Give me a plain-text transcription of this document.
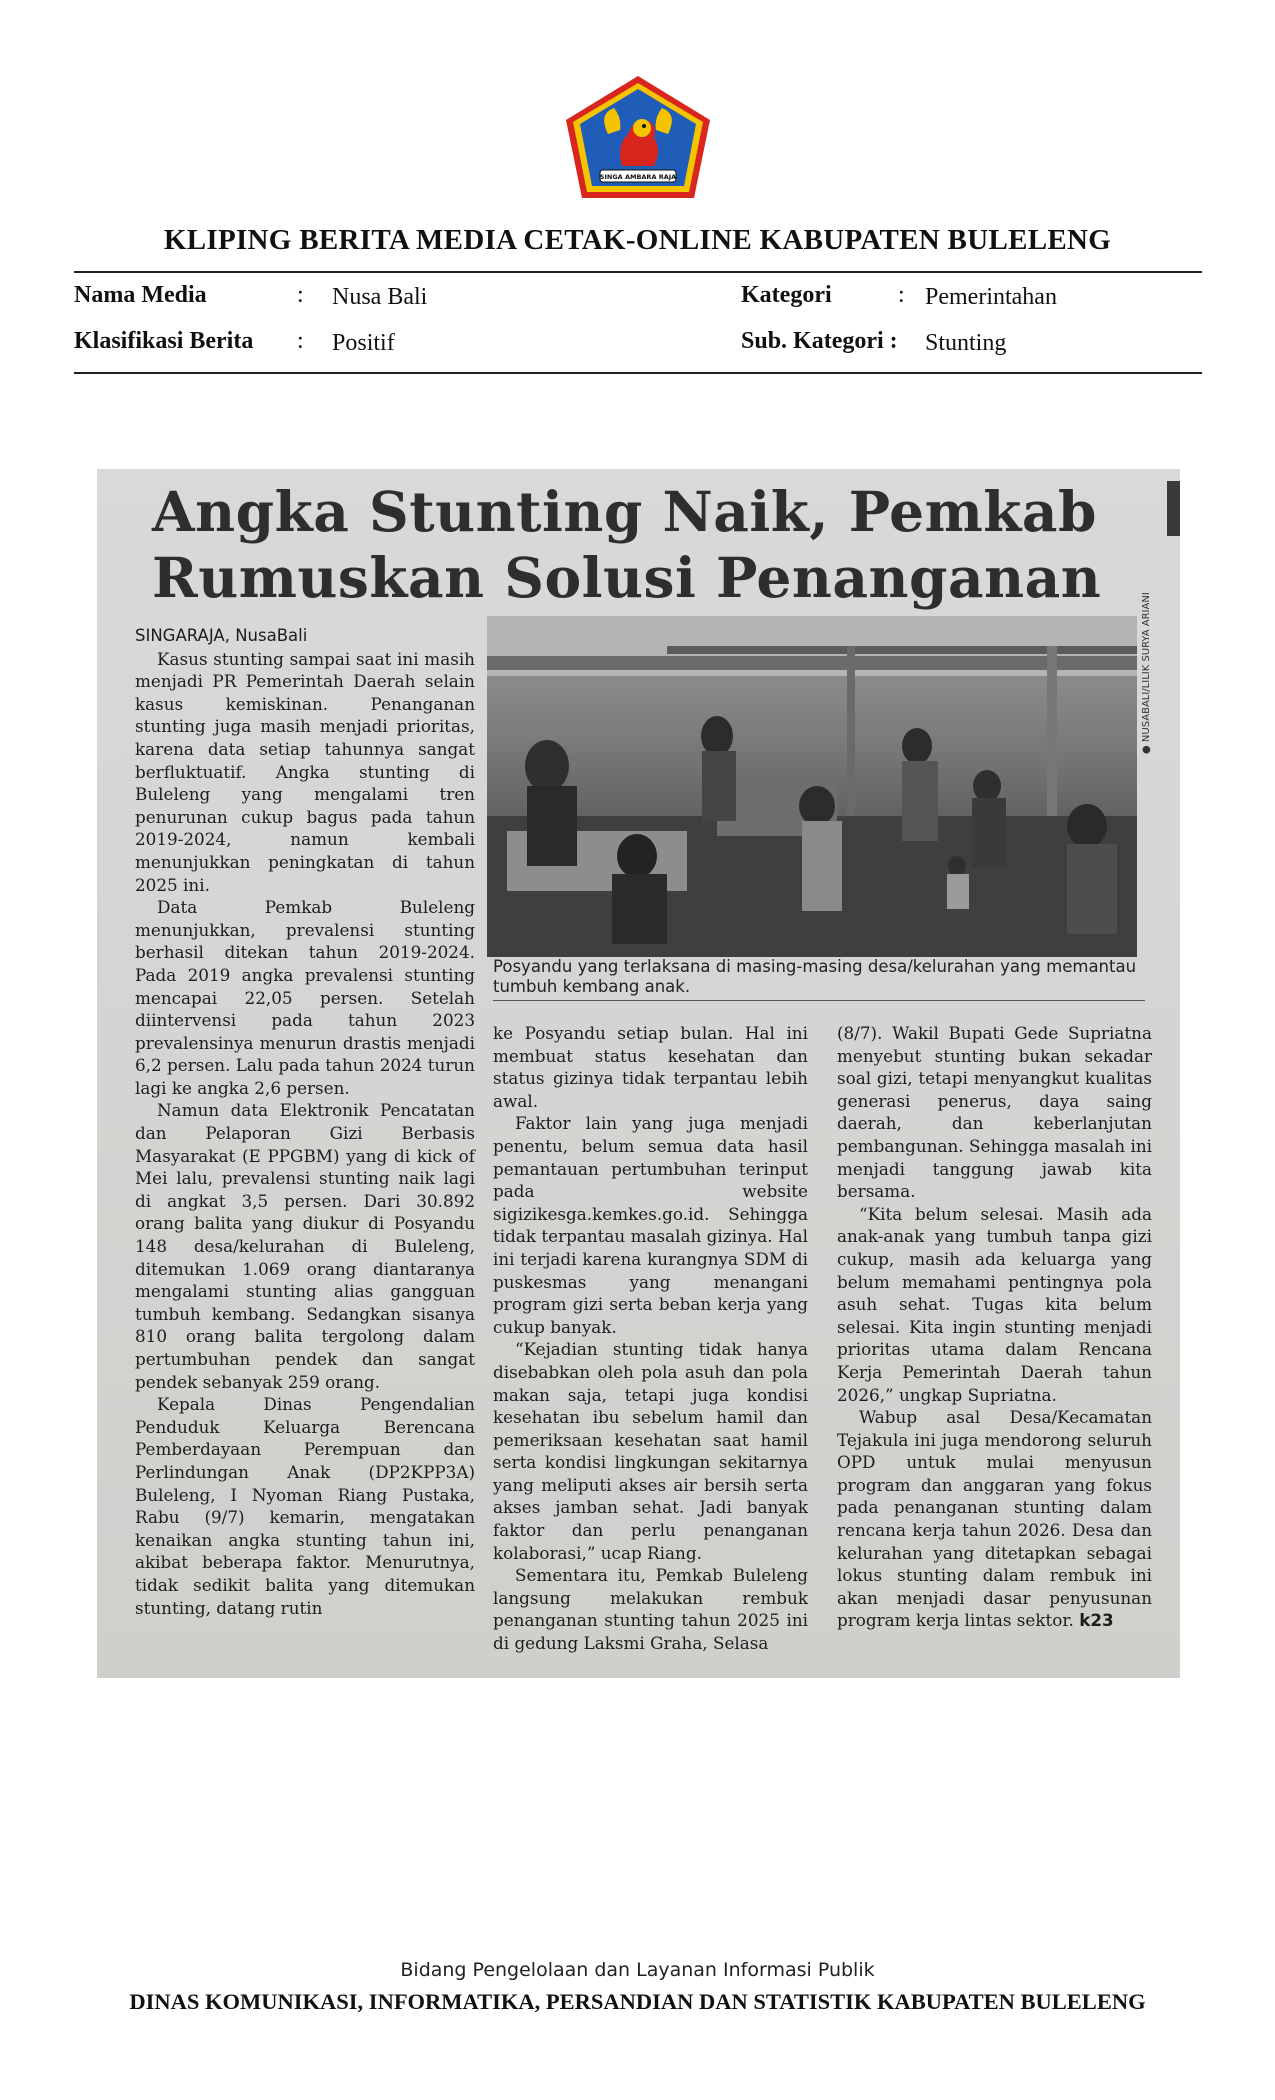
SINGA AMBARA RAJA
KLIPING BERITA MEDIA CETAK-ONLINE KABUPATEN BULELENG
Nama Media	: Nusa Bali	Kategori	: Pemerintahan
Klasifikasi Berita : Positif	Sub. Kategori : Stunting
Angka Stunting Naik, Pemkab
Rumuskan Solusi Penanganan
● NUSABALI/LILIK SURYA ARIANI
Posyandu yang terlaksana di masing-masing desa/kelurahan yang memantau tumbuh kembang anak.
SINGARAJA, NusaBali

Kasus stunting sampai saat ini masih menjadi PR Pemerintah Daerah selain kasus kemiskinan. Penanganan stunting juga masih menjadi prioritas, karena data setiap tahunnya sangat berfluktuatif. Angka stunting di Buleleng yang mengalami tren penurunan cukup bagus pada tahun 2019-2024, namun kembali menunjukkan peningkatan di tahun 2025 ini.

Data Pemkab Buleleng menunjukkan, prevalensi stunting berhasil ditekan tahun 2019-2024. Pada 2019 angka prevalensi stunting mencapai 22,05 persen. Setelah diintervensi pada tahun 2023 prevalensinya menurun drastis menjadi 6,2 persen. Lalu pada tahun 2024 turun lagi ke angka 2,6 persen.

Namun data Elektronik Pencatatan dan Pelaporan Gizi Berbasis Masyarakat (E PPGBM) yang di kick of Mei lalu, prevalensi stunting naik lagi di angkat 3,5 persen. Dari 30.892 orang balita yang diukur di Posyandu 148 desa/kelurahan di Buleleng, ditemukan 1.069 orang diantaranya mengalami stunting alias gangguan tumbuh kembang. Sedangkan sisanya 810 orang balita tergolong dalam pertumbuhan pendek dan sangat pendek sebanyak 259 orang.

Kepala Dinas Pengendalian Penduduk Keluarga Berencana Pemberdayaan Perempuan dan Perlindungan Anak (DP2KPP3A) Buleleng, I Nyoman Riang Pustaka, Rabu (9/7) kemarin, mengatakan kenaikan angka stunting tahun ini, akibat beberapa faktor. Menurutnya, tidak sedikit balita yang ditemukan stunting, datang rutin

ke Posyandu setiap bulan. Hal ini membuat status kesehatan dan status gizinya tidak terpantau lebih awal.

Faktor lain yang juga menjadi penentu, belum semua data hasil pemantauan pertumbuhan terinput pada website sigizikesga.kemkes.go.id. Sehingga tidak terpantau masalah gizinya. Hal ini terjadi karena kurangnya SDM di puskesmas yang menangani program gizi serta beban kerja yang cukup banyak.

“Kejadian stunting tidak hanya disebabkan oleh pola asuh dan pola makan saja, tetapi juga kondisi kesehatan ibu sebelum hamil dan pemeriksaan kesehatan saat hamil serta kondisi lingkungan sekitarnya yang meliputi akses air bersih serta akses jamban sehat. Jadi banyak faktor dan perlu penanganan kolaborasi,” ucap Riang.

Sementara itu, Pemkab Buleleng langsung melakukan rembuk penanganan stunting tahun 2025 ini di gedung Laksmi Graha, Selasa

(8/7). Wakil Bupati Gede Supriatna menyebut stunting bukan sekadar soal gizi, tetapi menyangkut kualitas generasi penerus, daya saing daerah, dan keberlanjutan pembangunan. Sehingga masalah ini menjadi tanggung jawab kita bersama.

“Kita belum selesai. Masih ada anak-anak yang tumbuh tanpa gizi cukup, masih ada keluarga yang belum memahami pentingnya pola asuh sehat. Tugas kita belum selesai. Kita ingin stunting menjadi prioritas utama dalam Rencana Kerja Pemerintah Daerah tahun 2026,” ungkap Supriatna.

Wabup asal Desa/Kecamatan Tejakula ini juga mendorong seluruh OPD untuk mulai menyusun program dan anggaran yang fokus pada penanganan stunting dalam rencana kerja tahun 2026. Desa dan kelurahan yang ditetapkan sebagai lokus stunting dalam rembuk ini akan menjadi dasar penyusunan program kerja lintas sektor. k23

Bidang Pengelolaan dan Layanan Informasi Publik
DINAS KOMUNIKASI, INFORMATIKA, PERSANDIAN DAN STATISTIK KABUPATEN BULELENG
